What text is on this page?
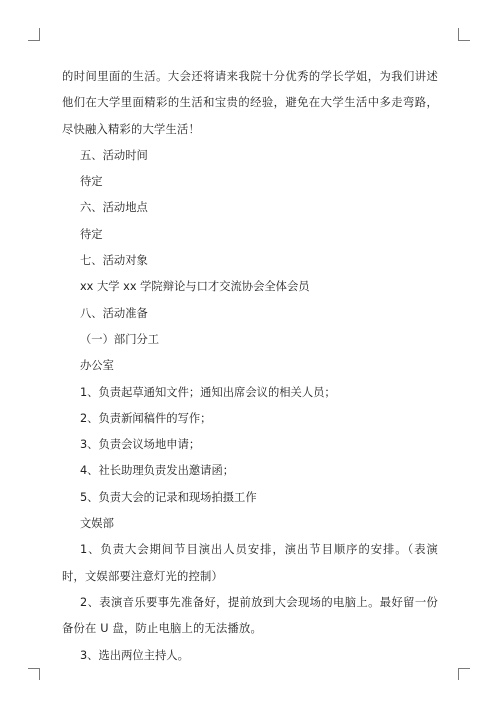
的时间里面的生活。大会还将请来我院十分优秀的学长学姐，为我们讲述他们在大学里面精彩的生活和宝贵的经验，避免在大学生活中多走弯路，尽快融入精彩的大学生活！
五、活动时间
待定
六、活动地点
待定
七、活动对象
xx 大学 xx 学院辩论与口才交流协会全体会员
八、活动准备
（一）部门分工
办公室
1、负责起草通知文件；通知出席会议的相关人员；
2、负责新闻稿件的写作；
3、负责会议场地申请；
4、社长助理负责发出邀请函；
5、负责大会的记录和现场拍摄工作
文娱部
1、负责大会期间节目演出人员安排，演出节目顺序的安排。（表演时，文娱部要注意灯光的控制）
2、表演音乐要事先准备好，提前放到大会现场的电脑上。最好留一份备份在 U 盘，防止电脑上的无法播放。
3、选出两位主持人。
